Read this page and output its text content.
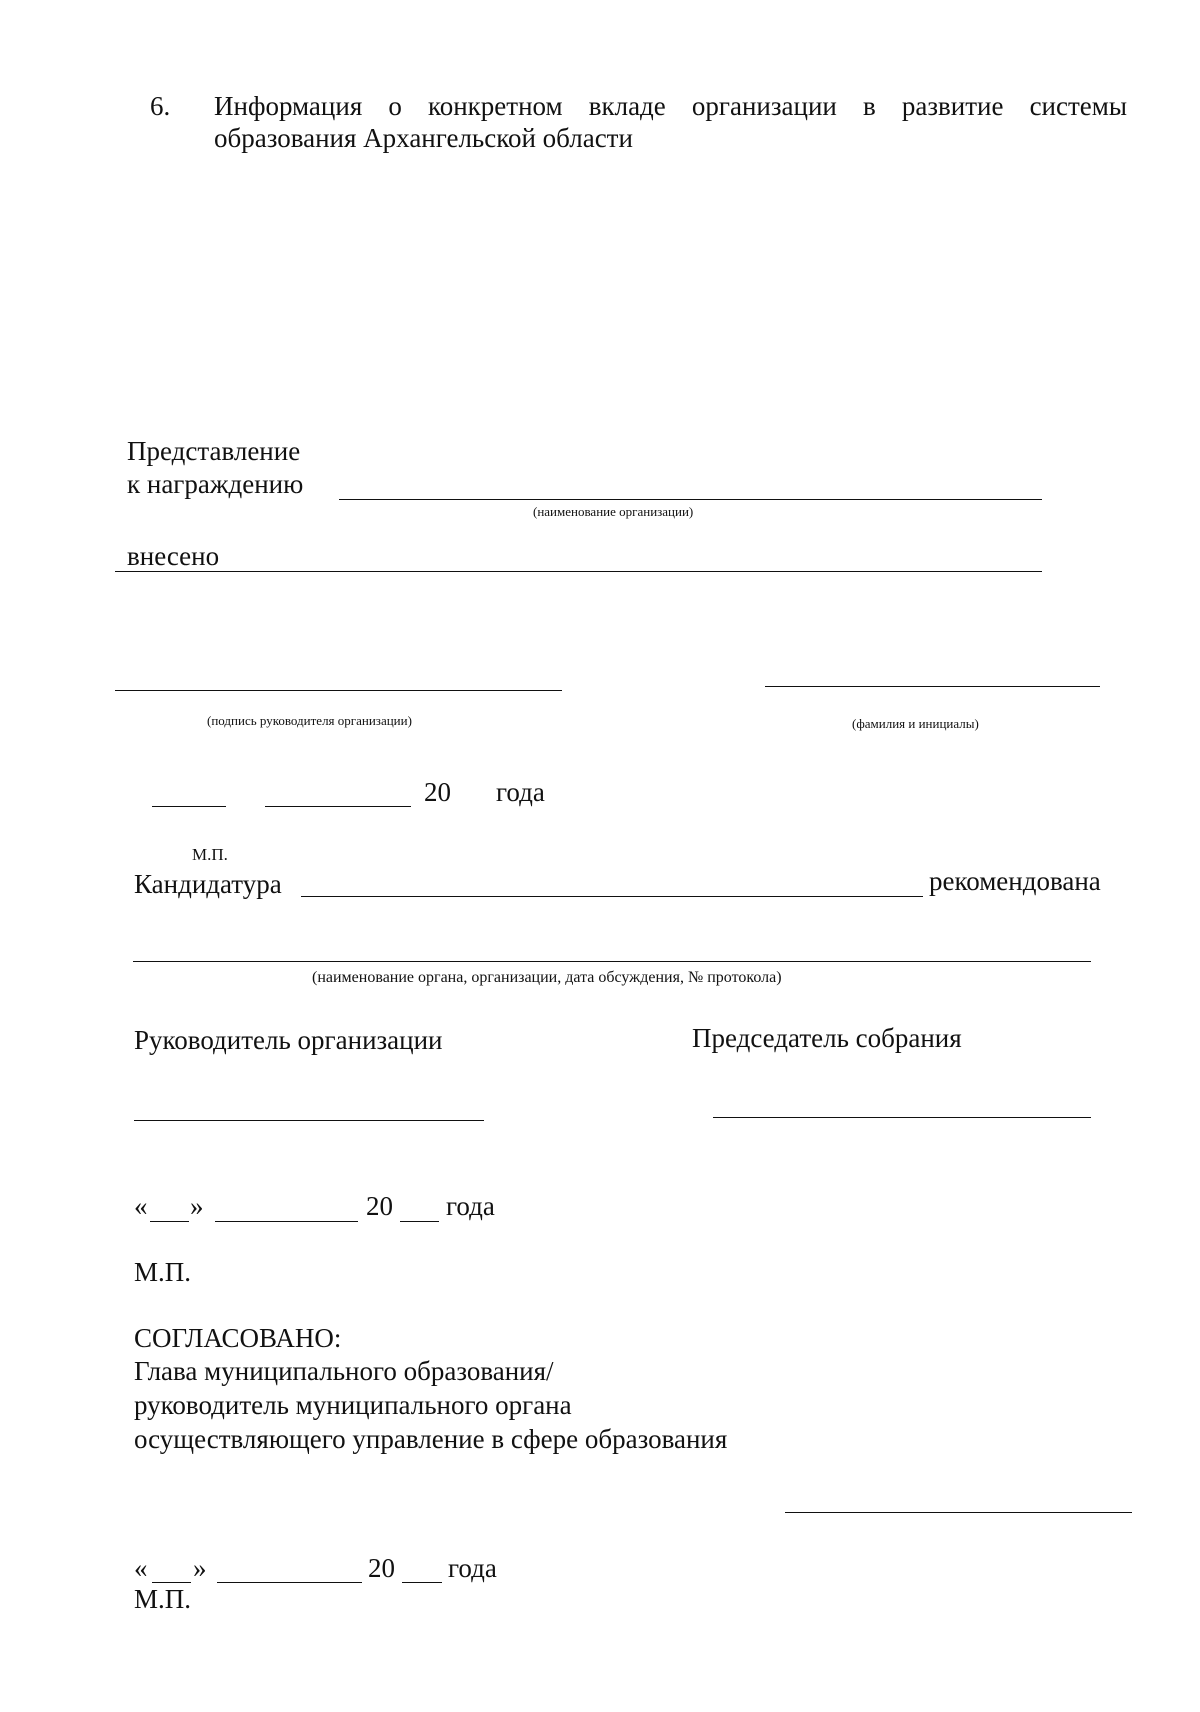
6. Информация о конкретном вкладе организации в развитие системы образования Архангельской области
Представление
к награждению
(наименование организации)
внесено
(подпись руководителя организации)	(фамилия и инициалы)
20 года
М.П.
Кандидатура	рекомендована
(наименование органа, организации, дата обсуждения, № протокола)
Руководитель организации	Председатель собрания
« »	20 года
М.П.
СОГЛАСОВАНО:
Глава муниципального образования/
руководитель муниципального органа
осуществляющего управление в сфере образования
« »	20 года
М.П.
